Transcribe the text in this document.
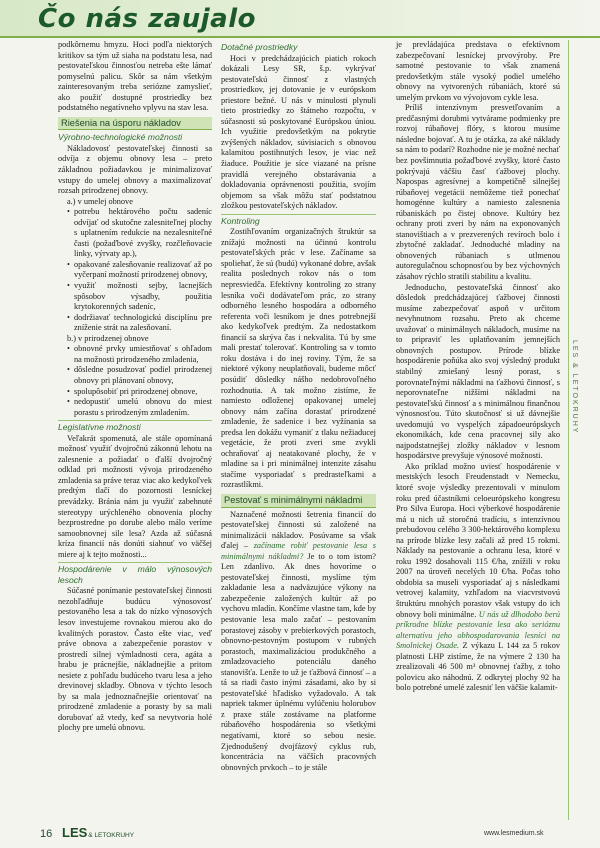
Čo nás zaujalo

podkôrnemu hmyzu. Hoci podľa niektorých kritikov sa tým už siaha na podstatu lesa, nad pestovateľskou činnosťou netreba ešte lámať pomyselnú palicu. Skôr sa nám všetkým zainteresovaným treba seriózne zamyslieť, ako použiť dostupné prostriedky bez podstatného negatívneho vplyvu na stav lesa.

Riešenia na úsporu nákladov
Výrobno-technologické možnosti

Nákladovosť pestovateľskej činnosti sa odvíja z objemu obnovy lesa – preto základnou požiadavkou je minimalizovať vstupy do umelej obnovy a maximalizovať rozsah prirodzenej obnovy.

a.) v umelej obnove
• potrebu hektárového počtu sadeníc odvíjať od skutočne zalesniteľnej plochy s uplatnením redukcie na nezalesniteľné časti (požaďbové zvyšky, rozčleňovacie linky, výrvaty ap.),
• opakované zalesňovanie realizovať až po vyčerpaní možností prirodzenej obnovy,
• využiť možnosti sejby, lacnejších spôsobov výsadby, použitia krytokorenných sadeníc,
• dodržiavať technologickú disciplínu pre zníženie strát na zalesňovaní.
b.) v prirodzenej obnove
• obnovné prvky umiestňovať s ohľadom na možnosti prirodzeného zmladenia,
• dôsledne posudzovať podiel prirodzenej obnovy pri plánovaní obnovy,
• spolupôsobiť pri prirodzenej obnove,
• nedopustiť umelú obnovu do miest porastu s prirodzeným zmladením.
Legislatívne možnosti

Veľakrát spomenutá, ale stále opomínaná možnosť využiť dvojročnú zákonnú lehotu na zalesnenie a požiadať o ďalší dvojročný odklad pri možnosti vývoja prirodzeného zmladenia sa práve teraz viac ako kedykoľvek predtým tlačí do pozornosti lesníckej prevádzky. Bránia nám ju využiť zabehnuté stereotypy urýchleného obnovenia plochy bezprostredne po dorube alebo málo veríme samoobnovnej sile lesa? Azda až súčasná kríza financií nás donúti siahnuť vo väčšej miere aj k tejto možnosti...

Hospodárenie v málo výnosových lesoch

Súčasné ponímanie pestovateľskej činnosti nezohľadňuje budúcu výnosovosť pestovaného lesa a tak do nízko výnosových lesov investujeme rovnakou mierou ako do kvalitných porastov. Často ešte viac, veď práve obnova a zabezpečenie porastov v prostredí silnej výmladnosti cera, agáta a hrabu je prácnejšie, nákladnejšie a pritom nesiete z pohľadu budúceho tvaru lesa a jeho drevinovej skladby. Obnova v týchto lesoch by sa mala jednoznačnejšie orientovať na prirodzené zmladenie a porasty by sa mali dorubovať až vtedy, keď sa nevytvoria holé plochy pre umelú obnovu.

Dotačné prostriedky

Hoci v predchádzajúcich piatich rokoch dokázali Lesy SR, š.p. vykrývať pestovateľskú činnosť z vlastných prostriedkov, jej dotovanie je v európskom priestore bežné. U nás v minulosti plynuli tieto prostriedky zo štátneho rozpočtu, v súčasnosti sú poskytované Európskou úniou. Ich využitie predovšetkým na pokrytie zvýšených nákladov, súvisiacich s obnovou kalamitou postihnutých lesov, je viac než žiaduce. Použitie je síce viazané na prísne pravidlá verejného obstarávania a dokladovania oprávnenosti použitia, svojím objemom sa však môžu stať podstatnou zložkou pestovateľských nákladov.

Kontroling

Zostihľovaním organizačných štruktúr sa znížajú možnosti na účinnú kontrolu pestovateľských prác v lese. Začíname sa spoliehať, že sú (budú) vykonané dobre, avšak realita poslednych rokov nás o tom nepresviedča. Efektívny kontroling zo strany lesníka voči dodávateľom prác, zo strany odborného lesného hospodára a odborného referenta voči lesníkom je dnes potrebnejší ako kedykoľvek predtým. Za nedostatkom financií sa skrýva čas i nekvalita. Tú by sme mali prestať tolerovať. Kontroling sa v tomto roku dostáva i do inej roviny. Tým, že sa niektoré výkony neuplatňovali, budeme môcť posúdiť dôsledky nášho nedobrovoľného rozhodnutia. A tak možno zistíme, že namiesto odloženej opakovanej umelej obnovy nám začína dorastať prirodzené zmladenie, že sadenice i bez vyžínania sa predsa len dokážu vymaniť z tlaku nežiaducej vegetácie, že proti zveri sme zvykli ochraňovať aj neatakované plochy, že v mladine sa i pri minimálnej intenzite zásahu stačíme vysporiadať s predrasteľkami a rozrastlíkmi.

Pestovať s minimálnymi nákladmi

Naznačené možnosti šetrenia financií do pestovateľskej činnosti sú založené na minimalizácii nákladov. Posúvame sa však ďalej – začíname robiť pestovanie lesa s minimálnymi nákladmi? Je to o tom istom? Len zdanlivo. Ak dnes hovoríme o pestovateľskej činnosti, myslíme tým zakladanie lesa a nadväzujúce výkony na zabezpečenie založených kultúr až po vychovu mladín. Končíme vlastne tam, kde by pestovanie lesa malo začať – pestovaním porastovej zásoby v prebierkových porastoch, obnovno-pestovným postupom v rubných porastoch, maximalizáciou produkčného a zmladzovacieho potenciálu daného stanovišťa. Lenže to už je ťažbová činnosť – a tá sa riadi často inými zásadami, ako by si pestovateľské hľadisko vyžadovalo. A tak napriek takmer úplnému vylúčeniu holorubov z praxe stále zostávame na platforme rúbaňového hospodárenia so všetkými negatívami, ktoré so sebou nesie. Zjednodušený dvojfázový cyklus rub, koncentrácia na väčších pracovných obnovných prvkoch – to je stále

je prevládajúca predstava o efektívnom zabezpečovaní lesníckej prvovýroby. Pre samotné pestovanie to však znamená predovšetkým stále vysoký podiel umelého obnovy na vytvorených rúbaniách, ktoré sú umelým prvkom vo vývojovom cykle lesa.

Príliš intenzívnym presvetľovaním a predčasnými dorubmi vytvárame podmienky pre rozvoj rúbaňovej flóry, s ktorou musíme následne bojovať. A tu je otázka, za aké náklady sa nám to podarí? Rozhodne nie je možné nechať bez povšimnutia požaďbové zvyšky, ktoré často pokrývajú väčšiu časť ťažbovej plochy. Napospas agresívnej a kompetičně silnejšej rúbaňovej vegetácii nemôžeme tiež ponechať homogénne kultúry a namiesto zalesnenia rúbaniskách po čistej obnove. Kultúry bez ochrany proti zveri by nám na exponovaných stanovištiach a v prezverených revíroch bolo i zbytočné zakladať. Jednoduché mladiny na obnovených rúbaniach s utlmenou autoregulačnou schopnosťou by bez výchovných zásahov rýchlo stratili stabilitu a kvalitu.

Jednoducho, pestovateľská činnosť ako dôsledok predchádzajúcej ťažbovej činnosti musíme zabezpečovať aspoň v určitom nevyhnutnom rozsahu. Preto ak chceme uvažovať o minimálnych nákladoch, musíme na to pripraviť les uplatňovaním jemnejších obnovných postupov. Prírode blízke hospodárenie poňúka ako svoj výsledný produkt stabilný zmiešaný lesný porast, s porovnateľnými nákladmi na ťažbovú činnosť, s neporovnateľne nižšími nákladmi na pestovateľskú činnosť a s minimálnou finančnou výnosnosťou. Túto skutočnosť si už dávnejšie uvedomujú vo vyspelých západoeurópskych ekonomikách, kde cena pracovnej sily ako najpodstatnejšej zložky nákladov v lesnom hospodárstve prevyšuje výnosové možnosti.

Ako príklad možno uviesť hospodárenie v mestských lesoch Freudenstadt v Nemecku, ktoré svoje výsledky prezentovali v minulom roku pred účastníkmi celoeurópskeho kongresu Pro Silva Europa. Hoci výberkové hospodárenie má u nich už storočnú tradíciu, s intenzívnou prebudovou celého 3 300-hektárového komplexu na prírode blízke lesy začali až pred 15 rokmi. Náklady na pestovanie a ochranu lesa, ktoré v roku 1992 dosahovali 115 €/ha, znížili v roku 2007 na úroveň necelých 10 €/ha. Počas toho obdobia sa museli vysporiadať aj s následkami vetrovej kalamity, vzhľadom na viacvrstvovú štruktúru mnohých porastov však vstupy do ich obnovy boli minimálne. U nás už dlhodobo berú príkrodne blízke pestovanie lesa ako serióznu alternatívu jeho obhospodarovania lesníci na Smolnickej Osade. Z výkazu L 144 za 5 rokov platnosti LHP zistíme, že na výmere 2 130 ha zrealizovali 46 500 m³ obnovnej ťažby, z toho polovicu ako náhodnú. Z odkrytej plochy 92 ha bolo potrebné umelé zalesniť len väčšie kalamit-

LES & LETOKRUHY
16 LES& LETOKRUHY	www.lesmedium.sk
